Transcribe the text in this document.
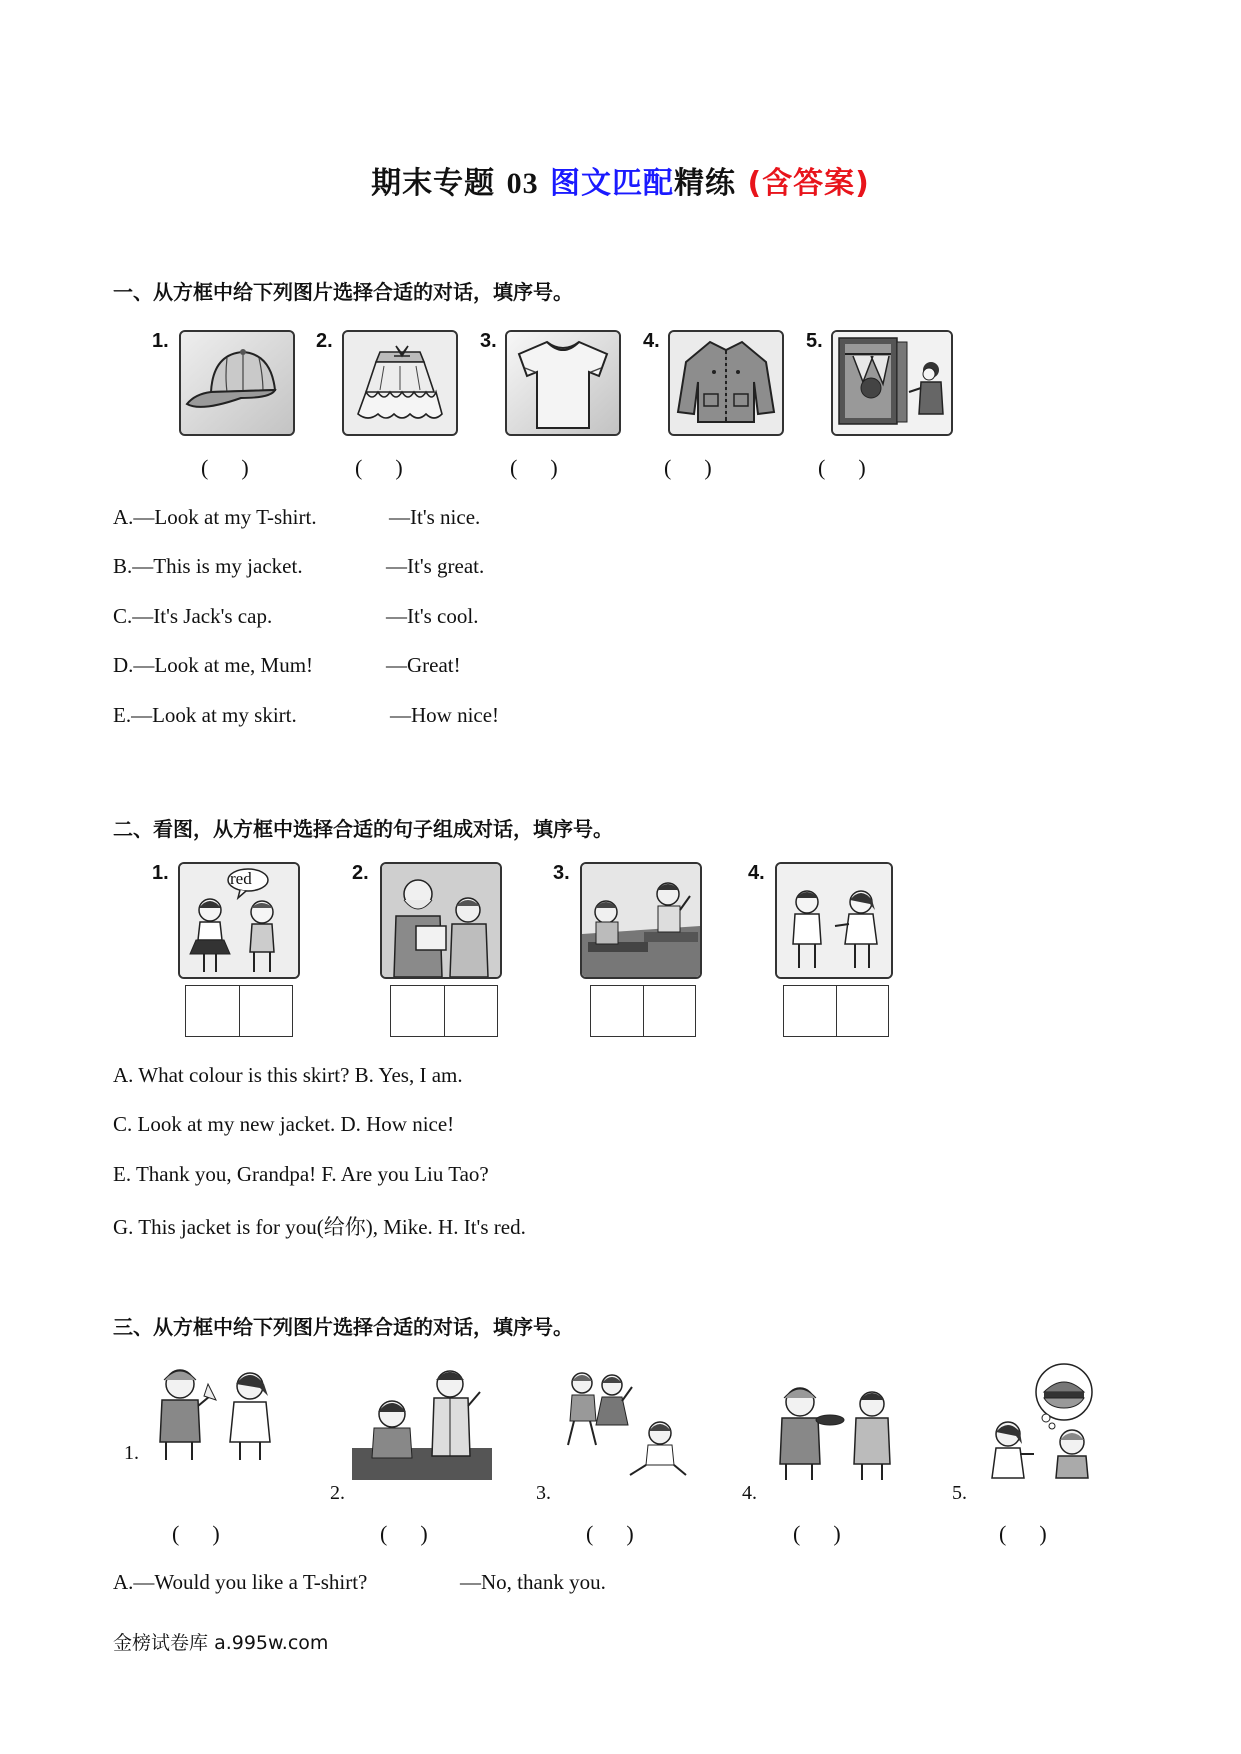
期末专题 03 图文匹配精练 (含答案)
一、从方框中给下列图片选择合适的对话，填序号。
1.	2.	3.	4.	5.
(      )	(      )	(      )	(      )	(      )
A.—Look at my T-shirt.	—It's nice.
B.—This is my jacket.	—It's great.
C.—It's Jack's cap.	—It's cool.
D.—Look at me, Mum!	—Great!
E.—Look at my skirt.	—How nice!
二、看图，从方框中选择合适的句子组成对话，填序号。
1.	2.	3.	4.
red
A. What colour is this skirt? B. Yes, I am.
C. Look at my new jacket. D. How nice!
E. Thank you, Grandpa! F. Are you Liu Tao?
G. This jacket is for you(给你), Mike. H. It's red.
三、从方框中给下列图片选择合适的对话，填序号。
1.
2.	3.	4.	5.
(      )	(      )	(      )	(      )	(      )
A.—Would you like a T-shirt?	—No, thank you.
金榜试卷库 a.995w.com
